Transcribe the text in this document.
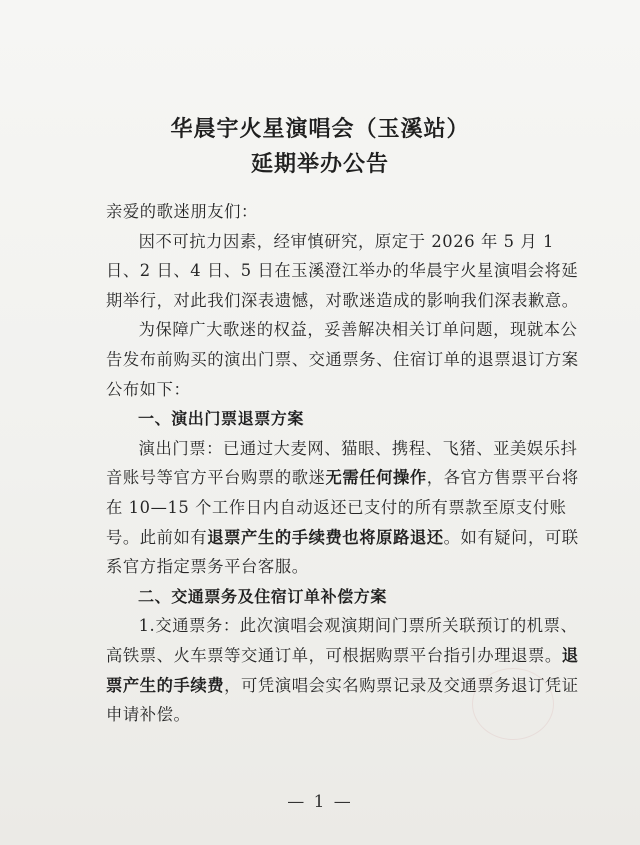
华晨宇火星演唱会（玉溪站）
延期举办公告

亲爱的歌迷朋友们：

因不可抗力因素，经审慎研究，原定于 2026 年 5 月 1 日、2 日、4 日、5 日在玉溪澄江举办的华晨宇火星演唱会将延期举行，对此我们深表遗憾，对歌迷造成的影响我们深表歉意。

为保障广大歌迷的权益，妥善解决相关订单问题，现就本公告发布前购买的演出门票、交通票务、住宿订单的退票退订方案公布如下：

一、演出门票退票方案

演出门票：已通过大麦网、猫眼、携程、飞猪、亚美娱乐抖音账号等官方平台购票的歌迷无需任何操作，各官方售票平台将在 10—15 个工作日内自动返还已支付的所有票款至原支付账号。此前如有退票产生的手续费也将原路退还。如有疑问，可联系官方指定票务平台客服。

二、交通票务及住宿订单补偿方案

1.交通票务：此次演唱会观演期间门票所关联预订的机票、高铁票、火车票等交通订单，可根据购票平台指引办理退票。退票产生的手续费，可凭演唱会实名购票记录及交通票务退订凭证申请补偿。

— 1 —
